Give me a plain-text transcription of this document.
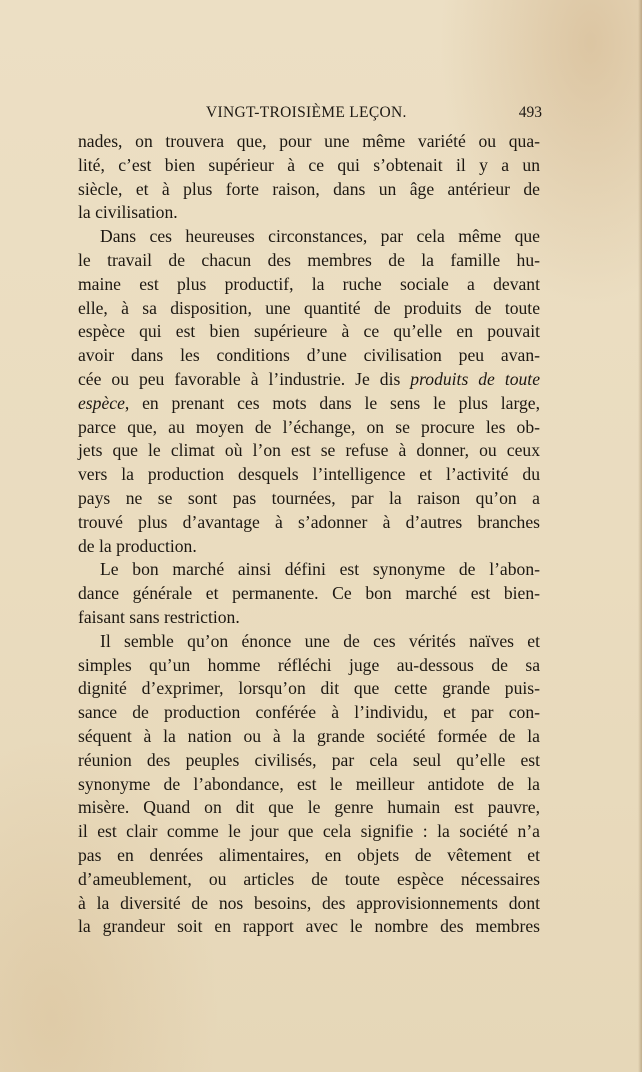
VINGT-TROISIÈME LEÇON.	493

nades, on trouvera que, pour une même variété ou qua-
lité, c’est bien supérieur à ce qui s’obtenait il y a un
siècle, et à plus forte raison, dans un âge antérieur de
la civilisation.

Dans ces heureuses circonstances, par cela même que
le travail de chacun des membres de la famille hu-
maine est plus productif, la ruche sociale a devant
elle, à sa disposition, une quantité de produits de toute
espèce qui est bien supérieure à ce qu’elle en pouvait
avoir dans les conditions d’une civilisation peu avan-
cée ou peu favorable à l’industrie. Je dis produits de toute
espèce, en prenant ces mots dans le sens le plus large,
parce que, au moyen de l’échange, on se procure les ob-
jets que le climat où l’on est se refuse à donner, ou ceux
vers la production desquels l’intelligence et l’activité du
pays ne se sont pas tournées, par la raison qu’on a
trouvé plus d’avantage à s’adonner à d’autres branches
de la production.

Le bon marché ainsi défini est synonyme de l’abon-
dance générale et permanente. Ce bon marché est bien-
faisant sans restriction.

Il semble qu’on énonce une de ces vérités naïves et
simples qu’un homme réfléchi juge au-dessous de sa
dignité d’exprimer, lorsqu’on dit que cette grande puis-
sance de production conférée à l’individu, et par con-
séquent à la nation ou à la grande société formée de la
réunion des peuples civilisés, par cela seul qu’elle est
synonyme de l’abondance, est le meilleur antidote de la
misère. Quand on dit que le genre humain est pauvre,
il est clair comme le jour que cela signifie : la société n’a
pas en denrées alimentaires, en objets de vêtement et
d’ameublement, ou articles de toute espèce nécessaires
à la diversité de nos besoins, des approvisionnements dont
la grandeur soit en rapport avec le nombre des membres
